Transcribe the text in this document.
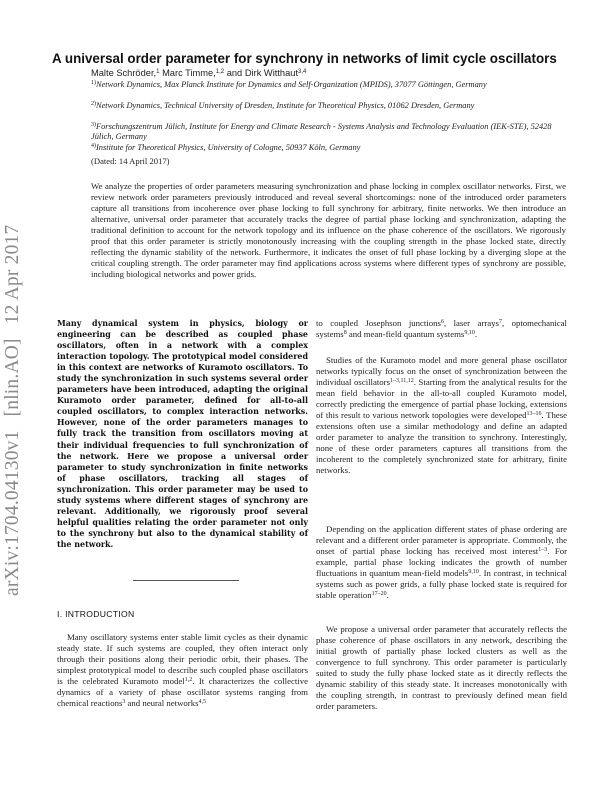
arXiv:1704.04130v1[nlin.AO]12 Apr 2017
A universal order parameter for synchrony in networks of limit cycle oscillators
Malte Schröder,$^1$ Marc Timme,$^{1,2}$ and Dirk Witthaut$^{3,4}$
$^{1)}$Network Dynamics, Max Planck Institute for Dynamics and Self-Organization (MPIDS), 37077 Göttingen, Germany
$^{2)}$Network Dynamics, Technical University of Dresden, Institute for Theoretical Physics, 01062 Dresden, Germany
$^{3)}$Forschungszentrum Jülich, Institute for Energy and Climate Research - Systems Analysis and Technology Evaluation (IEK-STE), 52428 Jülich, Germany
$^{4)}$Institute for Theoretical Physics, University of Cologne, 50937 Köln, Germany
(Dated: 14 April 2017)

We analyze the properties of order parameters measuring synchronization and phase locking in complex oscillator networks. First, we review network order parameters previously introduced and reveal several shortcomings: none of the introduced order parameters capture all transitions from incoherence over phase locking to full synchrony for arbitrary, finite networks. We then introduce an alternative, universal order parameter that accurately tracks the degree of partial phase locking and synchronization, adapting the traditional definition to account for the network topology and its influence on the phase coherence of the oscillators. We rigorously proof that this order parameter is strictly monotonously increasing with the coupling strength in the phase locked state, directly reflecting the dynamic stability of the network. Furthermore, it indicates the onset of full phase locking by a diverging slope at the critical coupling strength. The order parameter may find applications across systems where different types of synchrony are possible, including biological networks and power grids.

Many dynamical system in physics, biology or engineering can be described as coupled phase oscillators, often in a network with a complex interaction topology. The prototypical model considered in this context are networks of Kuramoto oscillators. To study the synchronization in such systems several order parameters have been introduced, adapting the original Kuramoto order parameter, defined for all-to-all coupled oscillators, to complex interaction networks. However, none of the order parameters manages to fully track the transition from oscillators moving at their individual frequencies to full synchronization of the network. Here we propose a universal order parameter to study synchronization in finite networks of phase oscillators, tracking all stages of synchronization. This order parameter may be used to study systems where different stages of synchrony are relevant. Additionally, we rigorously proof several helpful qualities relating the order parameter not only to the synchrony but also to the dynamical stability of the network.

I. INTRODUCTION

Many oscillatory systems enter stable limit cycles as their dynamic steady state. If such systems are coupled, they often interact only through their positions along their periodic orbit, their phases. The simplest prototypical model to describe such coupled phase oscillators is the celebrated Kuramoto model$^{1,2}$. It characterizes the collective dynamics of a variety of phase oscillator systems ranging from chemical reactions$^3$ and neural networks$^{4,5}$

to coupled Josephson junctions$^6$, laser arrays$^7$, optomechanical systems$^8$ and mean-field quantum systems$^{9,10}$.

Studies of the Kuramoto model and more general phase oscillator networks typically focus on the onset of synchronization between the individual oscillators$^{1-3,11,12}$. Starting from the analytical results for the mean field behavior in the all-to-all coupled Kuramoto model, correctly predicting the emergence of partial phase locking, extensions of this result to various network topologies were developed$^{13-16}$. These extensions often use a similar methodology and define an adapted order parameter to analyze the transition to synchrony. Interestingly, none of these order parameters captures all transitions from the incoherent to the completely synchronized state for arbitrary, finite networks.

Depending on the application different states of phase ordering are relevant and a different order parameter is appropriate. Commonly, the onset of partial phase locking has received most interest$^{1-3}$. For example, partial phase locking indicates the growth of number fluctuations in quantum mean-field models$^{9,10}$. In contrast, in technical systems such as power grids, a fully phase locked state is required for stable operation$^{17-20}$.

We propose a universal order parameter that accurately reflects the phase coherence of phase oscillators in any network, describing the initial growth of partially phase locked clusters as well as the convergence to full synchrony. This order parameter is particularly suited to study the fully phase locked state as it directly reflects the dynamic stability of this steady state. It increases monotonically with the coupling strength, in contrast to previously defined mean field order parameters.
